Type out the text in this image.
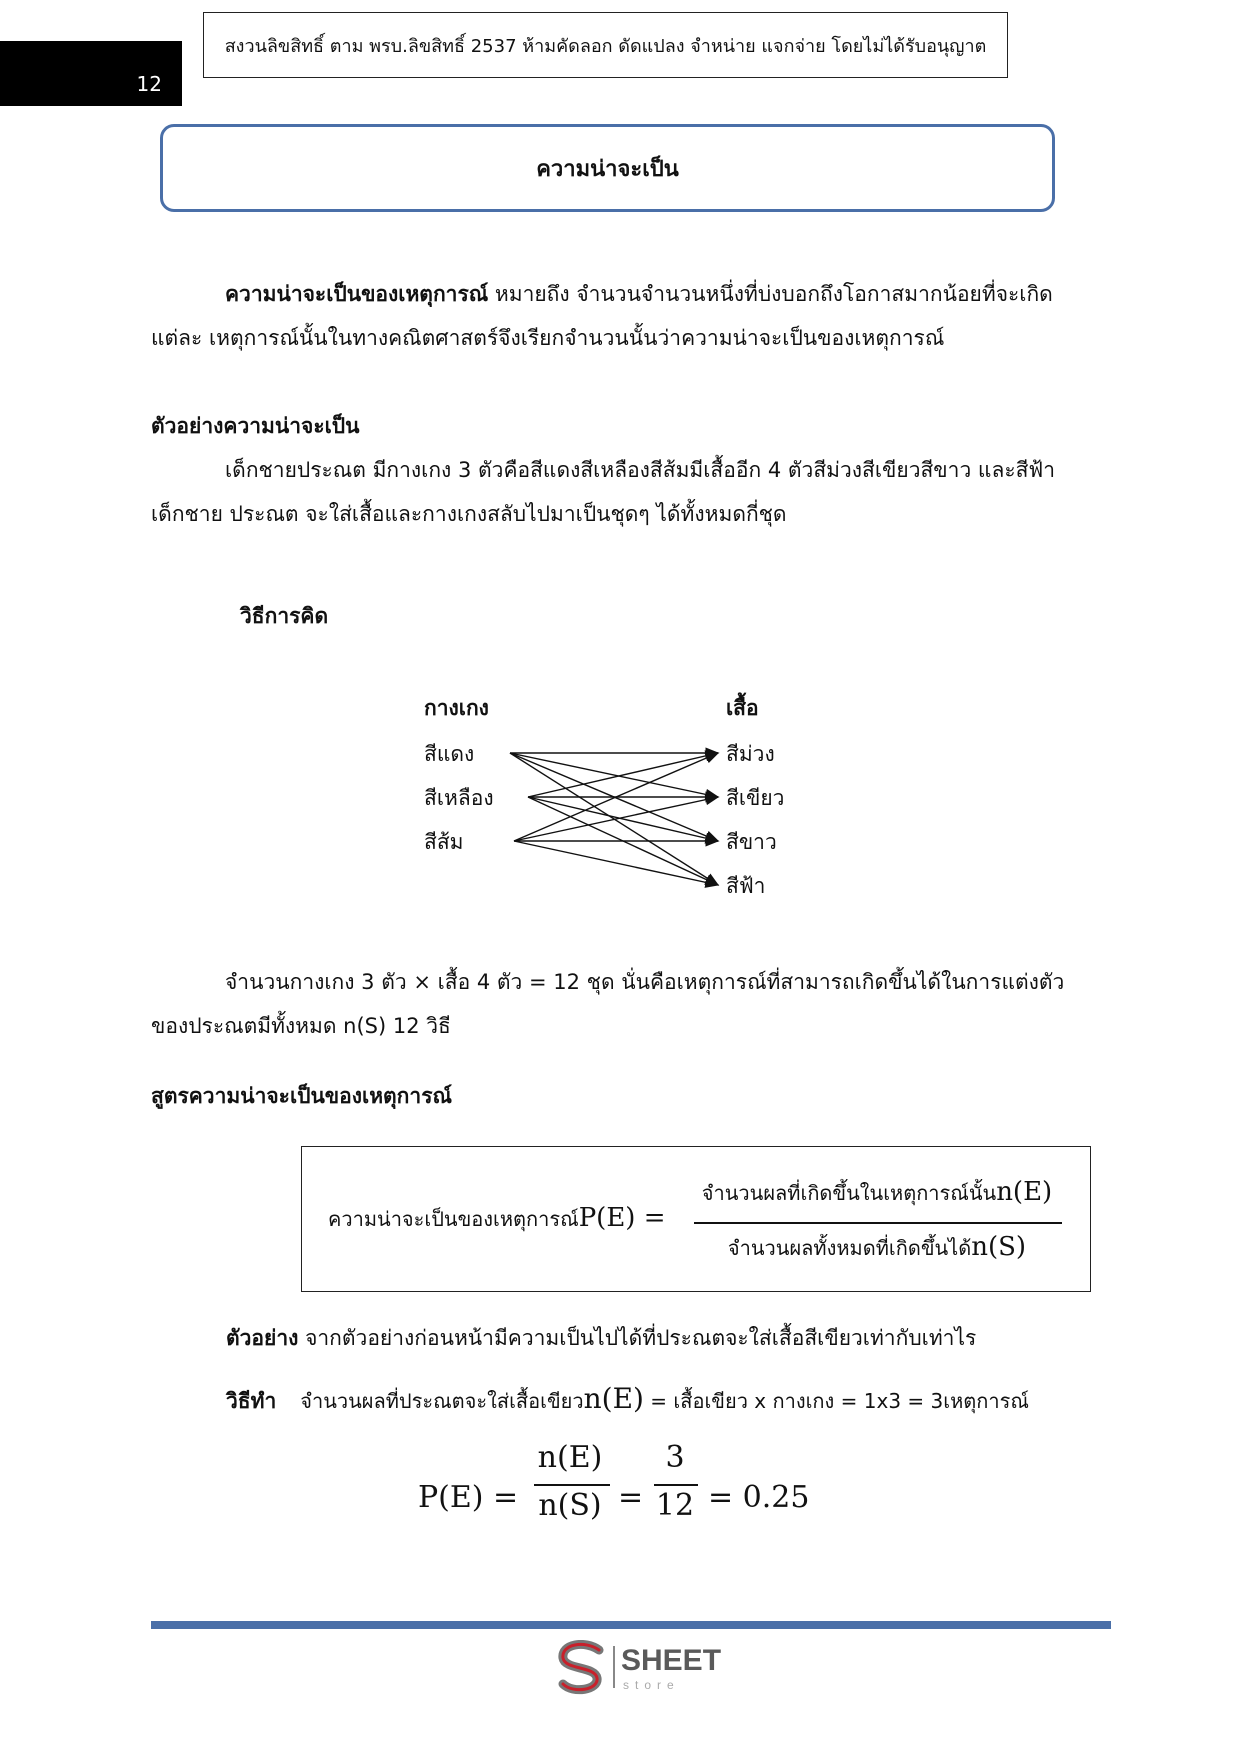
12
สงวนลิขสิทธิ์ ตาม พรบ.ลิขสิทธิ์ 2537 ห้ามคัดลอก ดัดแปลง จำหน่าย แจกจ่าย โดยไม่ได้รับอนุญาต
ความน่าจะเป็น
ความน่าจะเป็นของเหตุการณ์ หมายถึง จำนวนจำนวนหนึ่งที่บ่งบอกถึงโอกาสมากน้อยที่จะเกิด
แต่ละ เหตุการณ์นั้นในทางคณิตศาสตร์จึงเรียกจำนวนนั้นว่าความน่าจะเป็นของเหตุการณ์
ตัวอย่างความน่าจะเป็น
เด็กชายประณต มีกางเกง 3 ตัวคือสีแดงสีเหลืองสีส้มมีเสื้ออีก 4 ตัวสีม่วงสีเขียวสีขาว และสีฟ้า
เด็กชาย ประณต จะใส่เสื้อและกางเกงสลับไปมาเป็นชุดๆ ได้ทั้งหมดกี่ชุด
วิธีการคิด
กางเกง	เสื้อ
สีแดง
สีเหลือง
สีส้ม
สีม่วง
สีเขียว
สีขาว
สีฟ้า
จำนวนกางเกง 3 ตัว × เสื้อ 4 ตัว = 12 ชุด นั่นคือเหตุการณ์ที่สามารถเกิดขึ้นได้ในการแต่งตัว
ของประณตมีทั้งหมด n(S) 12 วิธี
สูตรความน่าจะเป็นของเหตุการณ์
ความน่าจะเป็นของเหตุการณ์P(E) =
จำนวนผลที่เกิดขึ้นในเหตุการณ์นั้นn(E)
จำนวนผลทั้งหมดที่เกิดขึ้นได้n(S)
ตัวอย่าง จากตัวอย่างก่อนหน้ามีความเป็นไปได้ที่ประณตจะใส่เสื้อสีเขียวเท่ากับเท่าไร
วิธีทำ จำนวนผลที่ประณตจะใส่เสื้อเขียวn(E) = เสื้อเขียว x กางเกง = 1x3 = 3เหตุการณ์
P(E) =
n(E)
n(S) =
3
12 = 0.25
SHEET
store
